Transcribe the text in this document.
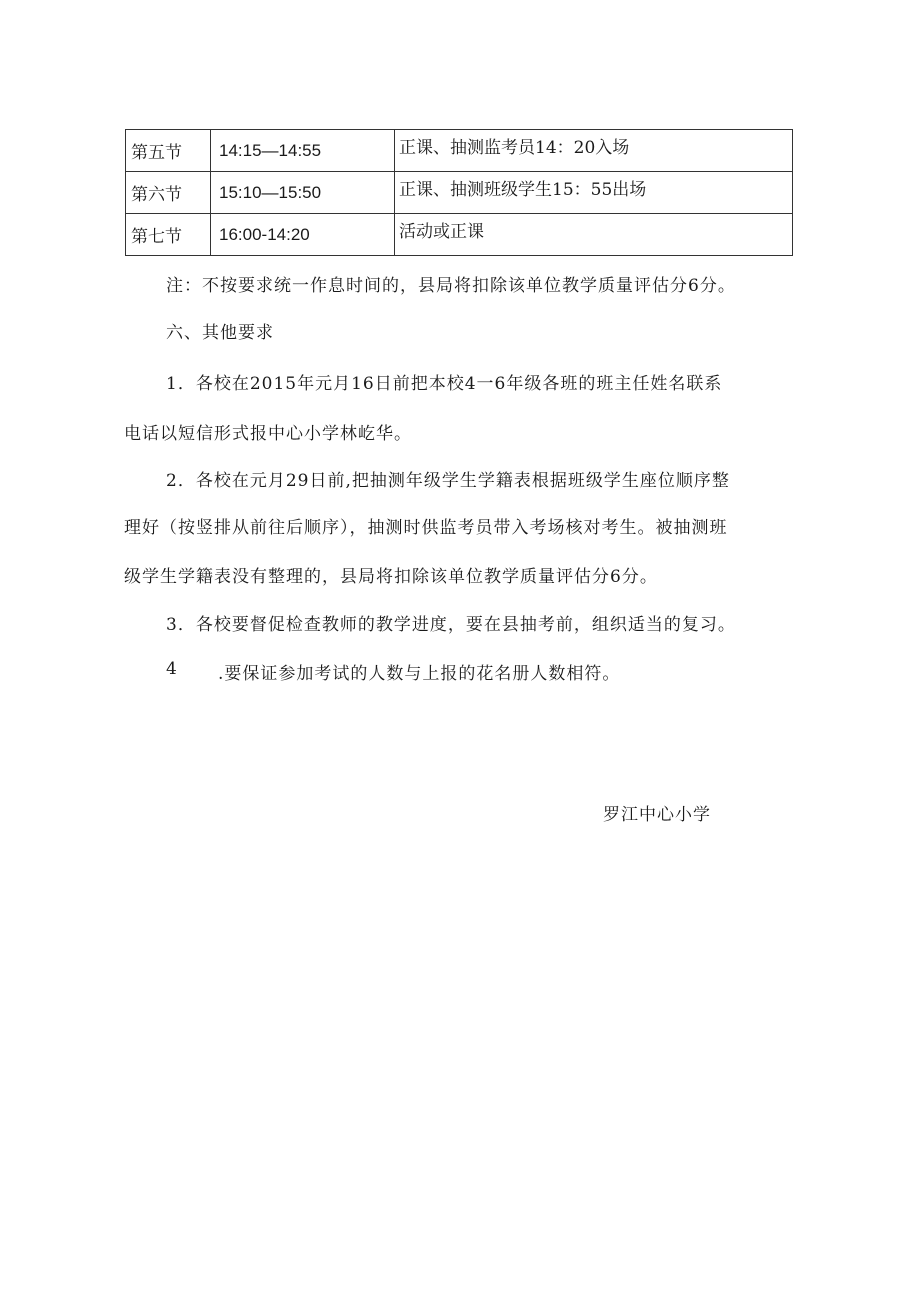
第五节	14:15—14:55	正课、抽测监考员14：20入场
第六节	15:10—15:50	正课、抽测班级学生15：55出场
第七节	16:00-14:20	活动或正课
注：不按要求统一作息时间的，县局将扣除该单位教学质量评估分6分。
六、其他要求
1．各校在2015年元月16日前把本校4一6年级各班的班主任姓名联系
电话以短信形式报中心小学林屹华。
2．各校在元月29日前,把抽测年级学生学籍表根据班级学生座位顺序整
理好（按竖排从前往后顺序），抽测时供监考员带入考场核对考生。被抽测班
级学生学籍表没有整理的，县局将扣除该单位教学质量评估分6分。
3．各校要督促检查教师的教学进度，要在县抽考前，组织适当的复习。
4 .要保证参加考试的人数与上报的花名册人数相符。
罗江中心小学
